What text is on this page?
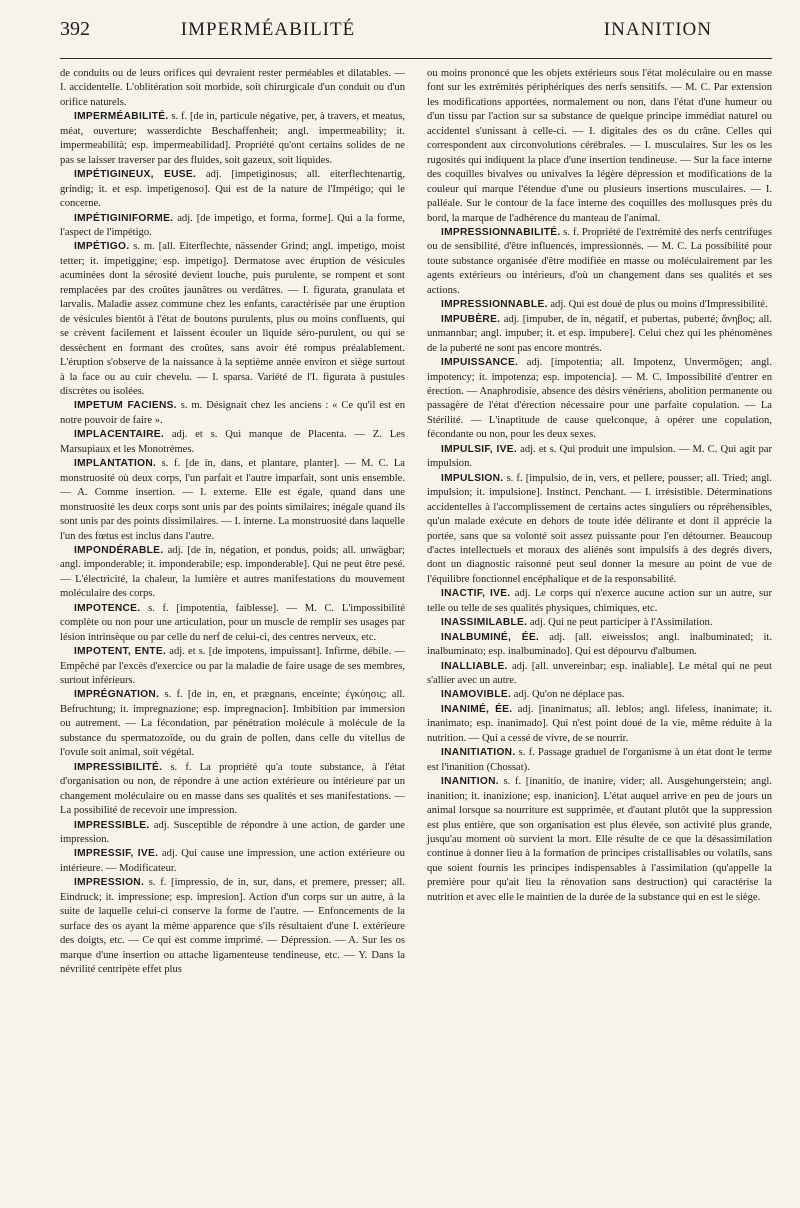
392	IMPERMÉABILITÉ	INANITION

de conduits ou de leurs orifices qui devraient rester perméables et dilatables. — I. accidentelle. L'oblitération soit morbide, soit chirurgicale d'un conduit ou d'un orifice naturels.

IMPERMÉABILITÉ. s. f. [de in, particule négative, per, à travers, et meatus, méat, ouverture; wasserdichte Beschaffenheit; angl. impermeability; it. impermeabilità; esp. impermeabilidad]. Propriété qu'ont certains solides de ne pas se laisser traverser par des fluides, soit gazeux, soit liquides.

IMPÉTIGINEUX, EUSE. adj. [impetiginosus; all. eiterflechtenartig, grindig; it. et esp. impetigenoso]. Qui est de la nature de l'Impétigo; qui le concerne.

IMPÉTIGINIFORME. adj. [de impetigo, et forma, forme]. Qui a la forme, l'aspect de l'impétigo.

IMPÉTIGO. s. m. [all. Eiterflechte, nässender Grind; angl. impetigo, moist tetter; it. impetiggine; esp. impetigo]. Dermatose avec éruption de vésicules acuminées dont la sérosité devient louche, puis purulente, se rompent et sont remplacées par des croûtes jaunâtres ou verdâtres. — I. figurata, granulata et larvalis. Maladie assez commune chez les enfants, caractérisée par une éruption de vésicules bientôt à l'état de boutons purulents, plus ou moins confluents, qui se crèvent facilement et laissent écouler un liquide séro-purulent, ou qui se dessèchent en formant des croûtes, sans avoir été rompus préalablement. L'éruption s'observe de la naissance à la septième année environ et siège surtout à la face ou au cuir chevelu. — I. sparsa. Variété de l'I. figurata à pustules discrètes ou isolées.

IMPETUM FACIENS. s. m. Désignait chez les anciens : « Ce qu'il est en notre pouvoir de faire ».

IMPLACENTAIRE. adj. et s. Qui manque de Placenta. — Z. Les Marsupiaux et les Monotrèmes.

IMPLANTATION. s. f. [de in, dans, et plantare, planter]. — M. C. La monstruosité où deux corps, l'un parfait et l'autre imparfait, sont unis ensemble. — A. Comme insertion. — I. externe. Elle est égale, quand dans une monstruosité les deux corps sont unis par des points similaires; inégale quand ils sont unis par des points dissimilaires. — I. interne. La monstruosité dans laquelle l'un des fœtus est inclus dans l'autre.

IMPONDÉRABLE. adj. [de in, négation, et pondus, poids; all. unwägbar; angl. imponderable; it. imponderabile; esp. imponderable]. Qui ne peut être pesé. — L'électricité, la chaleur, la lumière et autres manifestations du mouvement moléculaire des corps.

IMPOTENCE. s. f. [impotentia, faiblesse]. — M. C. L'impossibilité complète ou non pour une articulation, pour un muscle de remplir ses usages par lésion intrinsèque ou par celle du nerf de celui-ci, des centres nerveux, etc.

IMPOTENT, ENTE. adj. et s. [de impotens, impuissant]. Infirme, débile. — Empêché par l'excès d'exercice ou par la maladie de faire usage de ses membres, surtout inférieurs.

IMPRÉGNATION. s. f. [de in, en, et prægnans, enceinte; ἐγκύησις; all. Befruchtung; it. impregnazione; esp. impregnacion]. Imbibition par immersion ou autrement. — La fécondation, par pénétration molécule à molécule de la substance du spermatozoïde, ou du grain de pollen, dans celle du vitellus de l'ovule soit animal, soit végétal.

IMPRESSIBILITÉ. s. f. La propriété qu'a toute substance, à l'état d'organisation ou non, de répondre à une action extérieure ou intérieure par un changement moléculaire ou en masse dans ses qualités et ses manifestations. — La possibilité de recevoir une impression.

IMPRESSIBLE. adj. Susceptible de répondre à une action, de garder une impression.

IMPRESSIF, IVE. adj. Qui cause une impression, une action extérieure ou intérieure. — Modificateur.

IMPRESSION. s. f. [impressio, de in, sur, dans, et premere, presser; all. Eindruck; it. impressione; esp. impresion]. Action d'un corps sur un autre, à la suite de laquelle celui-ci conserve la forme de l'autre. — Enfoncements de la surface des os ayant la même apparence que s'ils résultaient d'une I. extérieure des doigts, etc. — Ce qui est comme imprimé. — Dépression. — A. Sur les os marque d'une insertion ou attache ligamenteuse tendineuse, etc. — Y. Dans la névrilité centripète effet plus

ou moins prononcé que les objets extérieurs sous l'état moléculaire ou en masse font sur les extrémités périphériques des nerfs sensitifs. — M. C. Par extension les modifications apportées, normalement ou non, dans l'état d'une humeur ou d'un tissu par l'action sur sa substance de quelque principe immédiat naturel ou accidentel s'unissant à celle-ci. — I. digitales des os du crâne. Celles qui correspondent aux circonvolutions cérébrales. — I. musculaires. Sur les os les rugosités qui indiquent la place d'une insertion tendineuse. — Sur la face interne des coquilles bivalves ou univalves la légère dépression et modifications de la couleur qui marque l'étendue d'une ou plusieurs insertions musculaires. — I. palléale. Sur le contour de la face interne des coquilles des mollusques près du bord, la marque de l'adhérence du manteau de l'animal.

IMPRESSIONNABILITÉ. s. f. Propriété de l'extrémité des nerfs centrifuges ou de sensibilité, d'être influencés, impressionnés. — M. C. La possibilité pour toute substance organisée d'être modifiée en masse ou moléculairement par les agents extérieurs ou intérieurs, d'où un changement dans ses qualités et ses actions.

IMPRESSIONNABLE. adj. Qui est doué de plus ou moins d'Impressibilité.

IMPUBÈRE. adj. [impuber, de in, négatif, et pubertas, puberté; ἄνηβος; all. unmannbar; angl. impuber; it. et esp. impubere]. Celui chez qui les phénomènes de la puberté ne sont pas encore montrés.

IMPUISSANCE. adj. [impotentia; all. Impotenz, Unvermögen; angl. impotency; it. impotenza; esp. impotencia]. — M. C. Impossibilité d'entrer en érection. — Anaphrodisie, absence des désirs vénériens, abolition permanente ou passagère de l'état d'érection nécessaire pour une parfaite copulation. — La Stérilité. — L'inaptitude de cause quelconque, à opérer une copulation, fécondante ou non, pour les deux sexes.

IMPULSIF, IVE. adj. et s. Qui produit une impulsion. — M. C. Qui agit par impulsion.

IMPULSION. s. f. [impulsio, de in, vers, et pellere, pousser; all. Tried; angl. impulsion; it. impulsione]. Instinct. Penchant. — I. irrésistible. Déterminations accidentelles à l'accomplissement de certains actes singuliers ou répréhensibles, qu'un malade exécute en dehors de toute idée délirante et dont il apprécie la portée, sans que sa volonté soit assez puissante pour l'en détourner. Beaucoup d'actes intellectuels et moraux des aliénés sont impulsifs à des degrés divers, dont un diagnostic raisonné peut seul donner la mesure au point de vue de l'équilibre fonctionnel encéphalique et de la responsabilité.

INACTIF, IVE. adj. Le corps qui n'exerce aucune action sur un autre, sur telle ou telle de ses qualités physiques, chimiques, etc.

INASSIMILABLE. adj. Qui ne peut participer à l'Assimilation.

INALBUMINÉ, ÉE. adj. [all. eiweisslos; angl. inalbuminated; it. inalbuminato; esp. inalbuminado]. Qui est dépourvu d'albumen.

INALLIABLE. adj. [all. unvereinbar; esp. inaliable]. Le métal qui ne peut s'allier avec un autre.

INAMOVIBLE. adj. Qu'on ne déplace pas.

INANIMÉ, ÉE. adj. [inanimatus; all. leblos; angl. lifeless, inanimate; it. inanimato; esp. inanimado]. Qui n'est point doué de la vie, même réduite à la nutrition. — Qui a cessé de vivre, de se nourrir.

INANITIATION. s. f. Passage graduel de l'organisme à un état dont le terme est l'inanition (Chossat).

INANITION. s. f. [inanitio, de inanire, vider; all. Ausgehungerstein; angl. inanition; it. inanizione; esp. inanicion]. L'état auquel arrive en peu de jours un animal lorsque sa nourriture est supprimée, et d'autant plutôt que la suppression est plus entière, que son organisation est plus élevée, son activité plus grande, jusqu'au moment où survient la mort. Elle résulte de ce que la désassimilation continue à donner lieu à la formation de principes cristallisables ou volatils, sans que soient fournis les principes indispensables à l'assimilation (qu'appelle la première pour qu'ait lieu la rénovation sans destruction) qui caractérise la nutrition et avec elle le maintien de la durée de la substance qui en est le siège.
